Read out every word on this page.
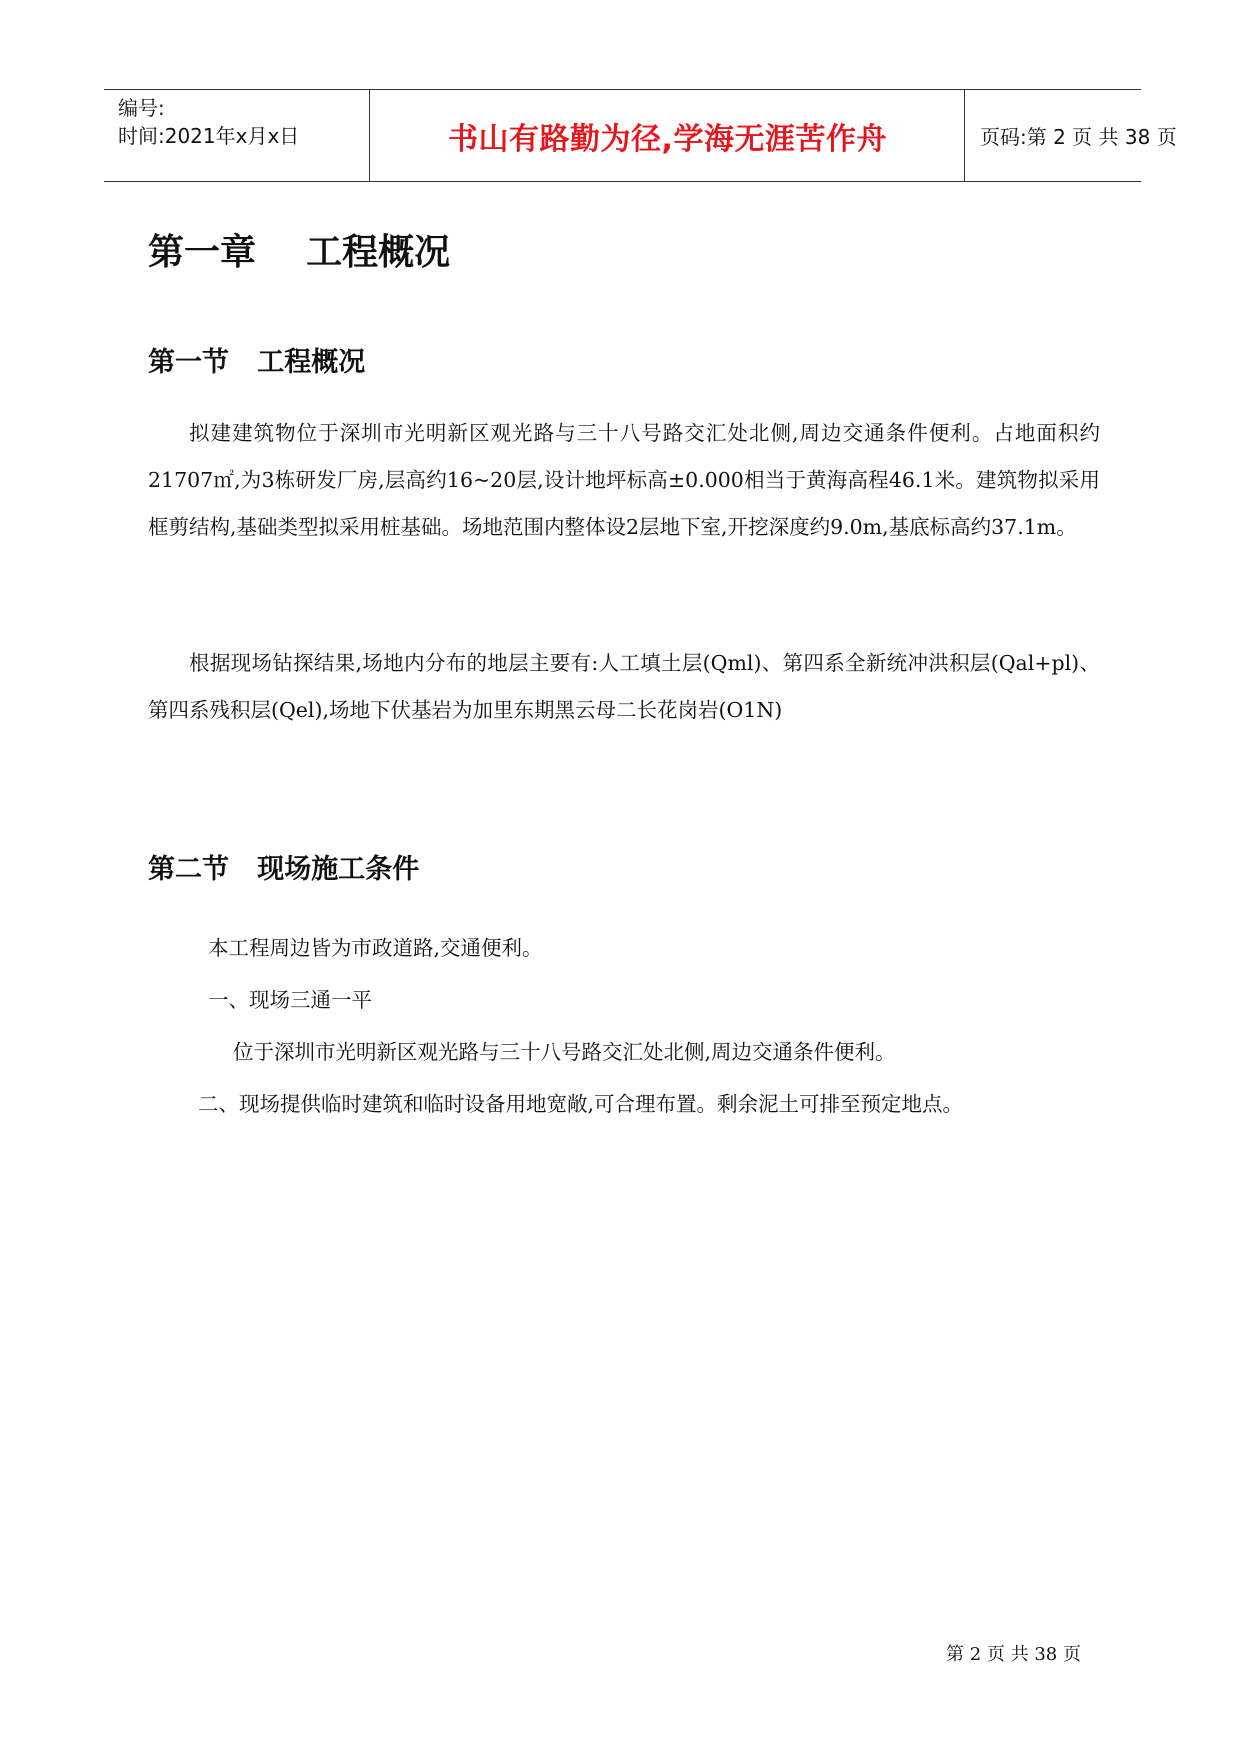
编号:
时间:2021年x月x日	书山有路勤为径,学海无涯苦作舟	页码:第 2 页 共 38 页
第一章    工程概况
第一节   工程概况

拟建建筑物位于深圳市光明新区观光路与三十八号路交汇处北侧,周边交通条件便利。占地面积约21707㎡,为3栋研发厂房,层高约16~20层,设计地坪标高±0.000相当于黄海高程46.1米。建筑物拟采用框剪结构,基础类型拟采用桩基础。场地范围内整体设2层地下室,开挖深度约9.0m,基底标高约37.1m。

根据现场钻探结果,场地内分布的地层主要有:人工填土层(Qml)、第四系全新统冲洪积层(Qal+pl)、第四系残积层(Qel),场地下伏基岩为加里东期黑云母二长花岗岩(O1N)

第二节   现场施工条件
本工程周边皆为市政道路,交通便利。
一、现场三通一平
位于深圳市光明新区观光路与三十八号路交汇处北侧,周边交通条件便利。

二、现场提供临时建筑和临时设备用地宽敞,可合理布置。剩余泥土可排至预定地点。

第 2 页 共 38 页
